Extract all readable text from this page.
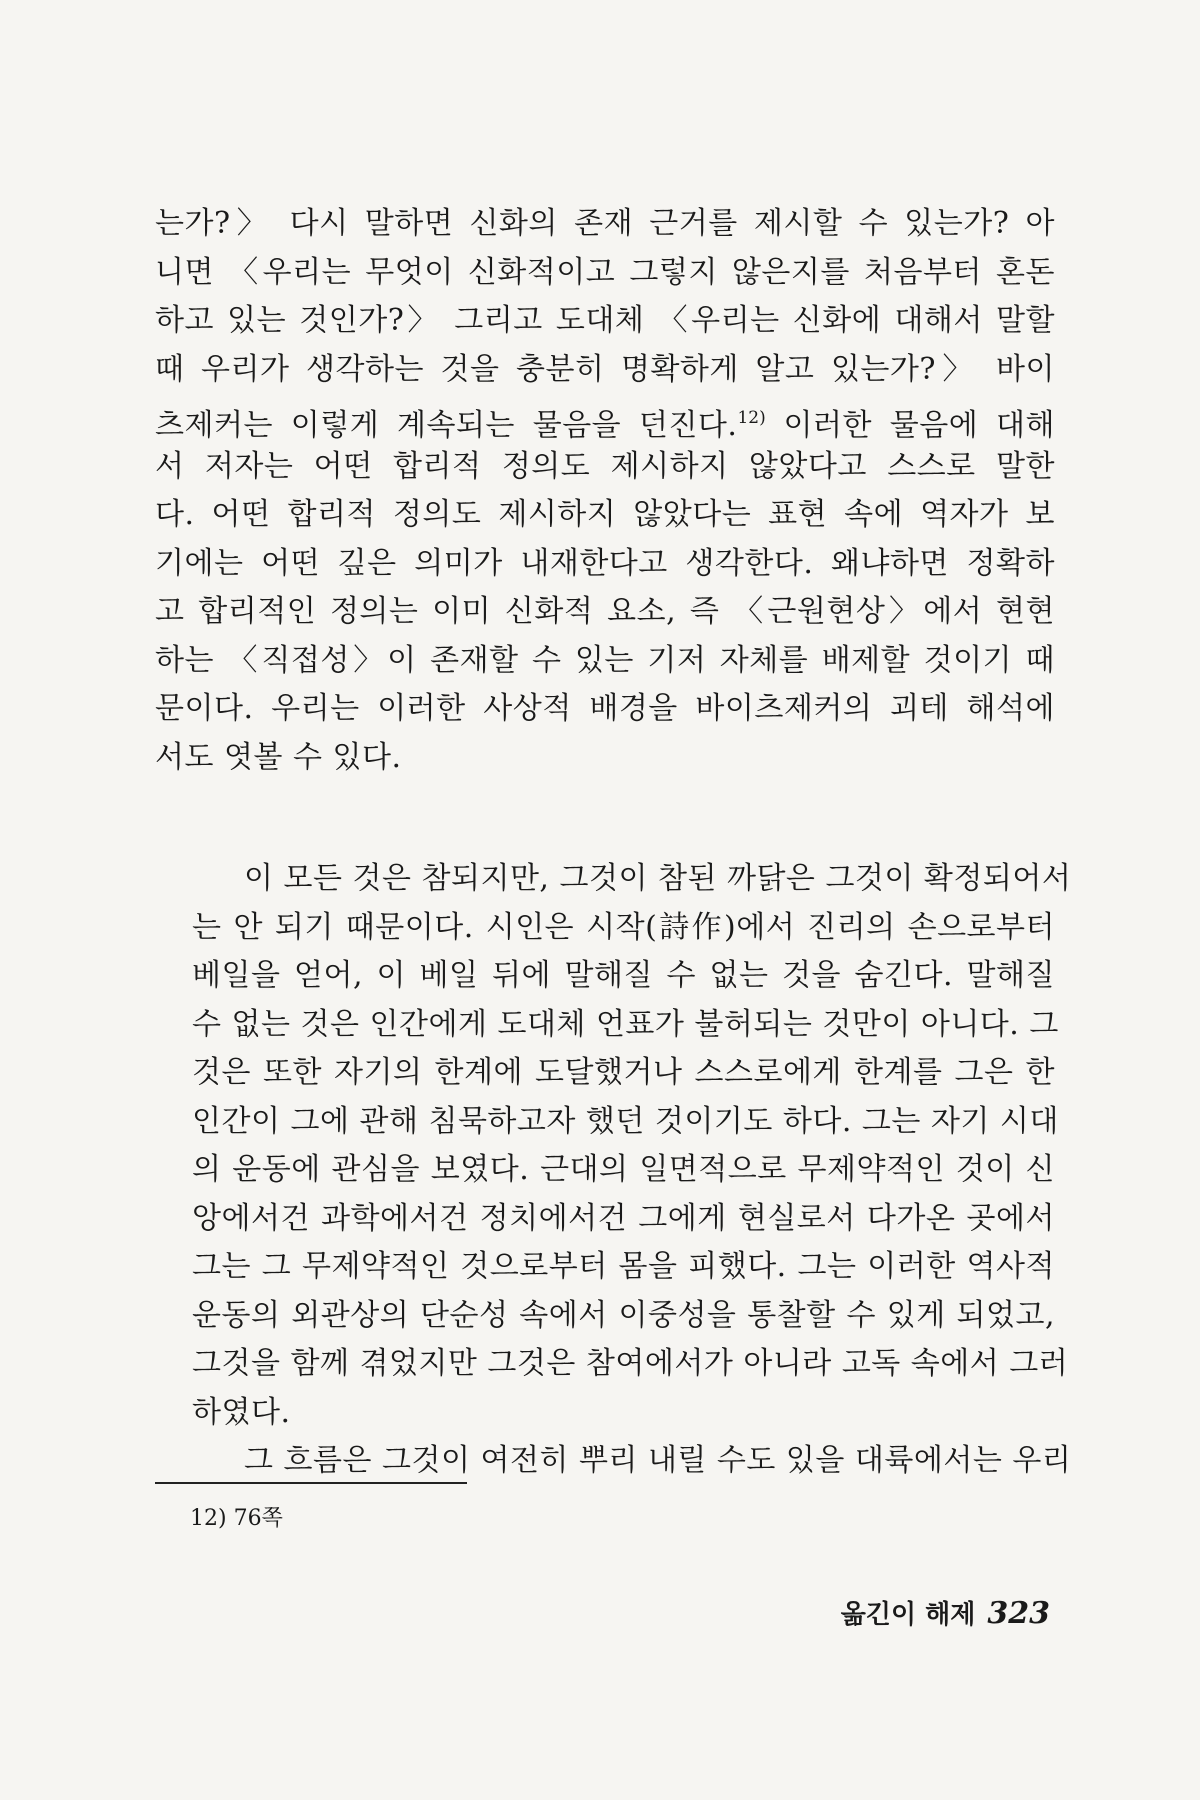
는가?〉 다시 말하면 신화의 존재 근거를 제시할 수 있는가? 아
니면 〈우리는 무엇이 신화적이고 그렇지 않은지를 처음부터 혼돈
하고 있는 것인가?〉 그리고 도대체 〈우리는 신화에 대해서 말할
때 우리가 생각하는 것을 충분히 명확하게 알고 있는가?〉 바이
츠제커는 이렇게 계속되는 물음을 던진다.$^{12)}$ 이러한 물음에 대해
서 저자는 어떤 합리적 정의도 제시하지 않았다고 스스로 말한
다. 어떤 합리적 정의도 제시하지 않았다는 표현 속에 역자가 보
기에는 어떤 깊은 의미가 내재한다고 생각한다. 왜냐하면 정확하
고 합리적인 정의는 이미 신화적 요소, 즉 〈근원현상〉에서 현현
하는 〈직접성〉이 존재할 수 있는 기저 자체를 배제할 것이기 때
문이다. 우리는 이러한 사상적 배경을 바이츠제커의 괴테 해석에
서도 엿볼 수 있다.
이 모든 것은 참되지만, 그것이 참된 까닭은 그것이 확정되어서
는 안 되기 때문이다. 시인은 시작(詩作)에서 진리의 손으로부터
베일을 얻어, 이 베일 뒤에 말해질 수 없는 것을 숨긴다. 말해질
수 없는 것은 인간에게 도대체 언표가 불허되는 것만이 아니다. 그
것은 또한 자기의 한계에 도달했거나 스스로에게 한계를 그은 한
인간이 그에 관해 침묵하고자 했던 것이기도 하다. 그는 자기 시대
의 운동에 관심을 보였다. 근대의 일면적으로 무제약적인 것이 신
앙에서건 과학에서건 정치에서건 그에게 현실로서 다가온 곳에서
그는 그 무제약적인 것으로부터 몸을 피했다. 그는 이러한 역사적
운동의 외관상의 단순성 속에서 이중성을 통찰할 수 있게 되었고,
그것을 함께 겪었지만 그것은 참여에서가 아니라 고독 속에서 그러
하였다.
그 흐름은 그것이 여전히 뿌리 내릴 수도 있을 대륙에서는 우리
12) 76쪽
옮긴이 해제 323
